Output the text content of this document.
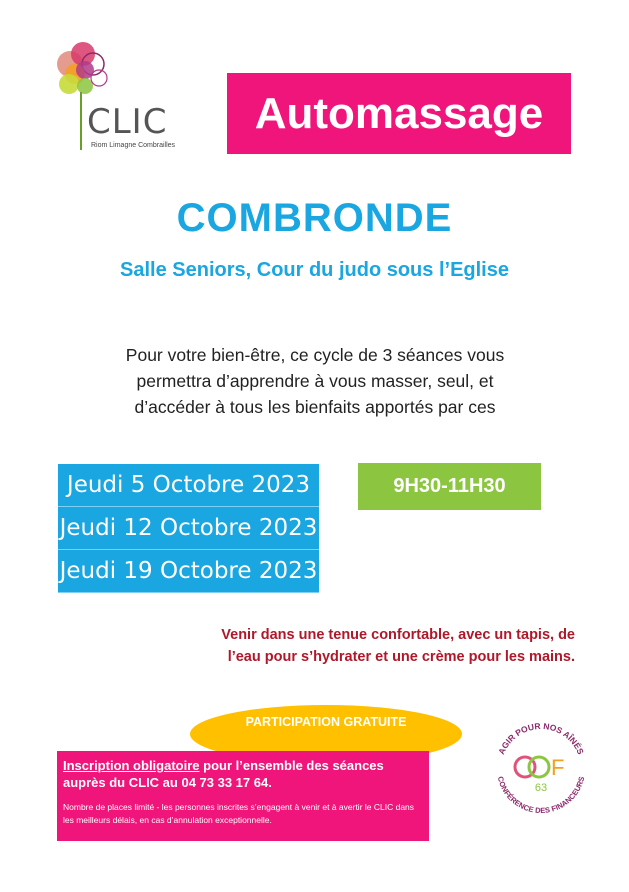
CLIC
Riom Limagne Combrailles
Automassage
COMBRONDE
Salle Seniors, Cour du judo sous l’Eglise
Pour votre bien-être, ce cycle de 3 séances vous
permettra d’apprendre à vous masser, seul, et
d’accéder à tous les bienfaits apportés par ces
Jeudi 5 Octobre 2023
Jeudi 12 Octobre 2023
Jeudi 19 Octobre 2023
9H30-11H30
Venir dans une tenue confortable, avec un tapis, de
l’eau pour s’hydrater et une crème pour les mains.
PARTICIPATION GRATUITE
Inscription obligatoire pour l’ensemble des séances
auprès du CLIC au 04 73 33 17 64.
Nombre de places limité - les personnes inscrites s’engagent à venir et à avertir le CLIC dans les meilleurs délais, en cas d’annulation exceptionnelle.
AGIR POUR NOS AÎNÉS
CONFÉRENCE DES FINANCEURS
F
63
